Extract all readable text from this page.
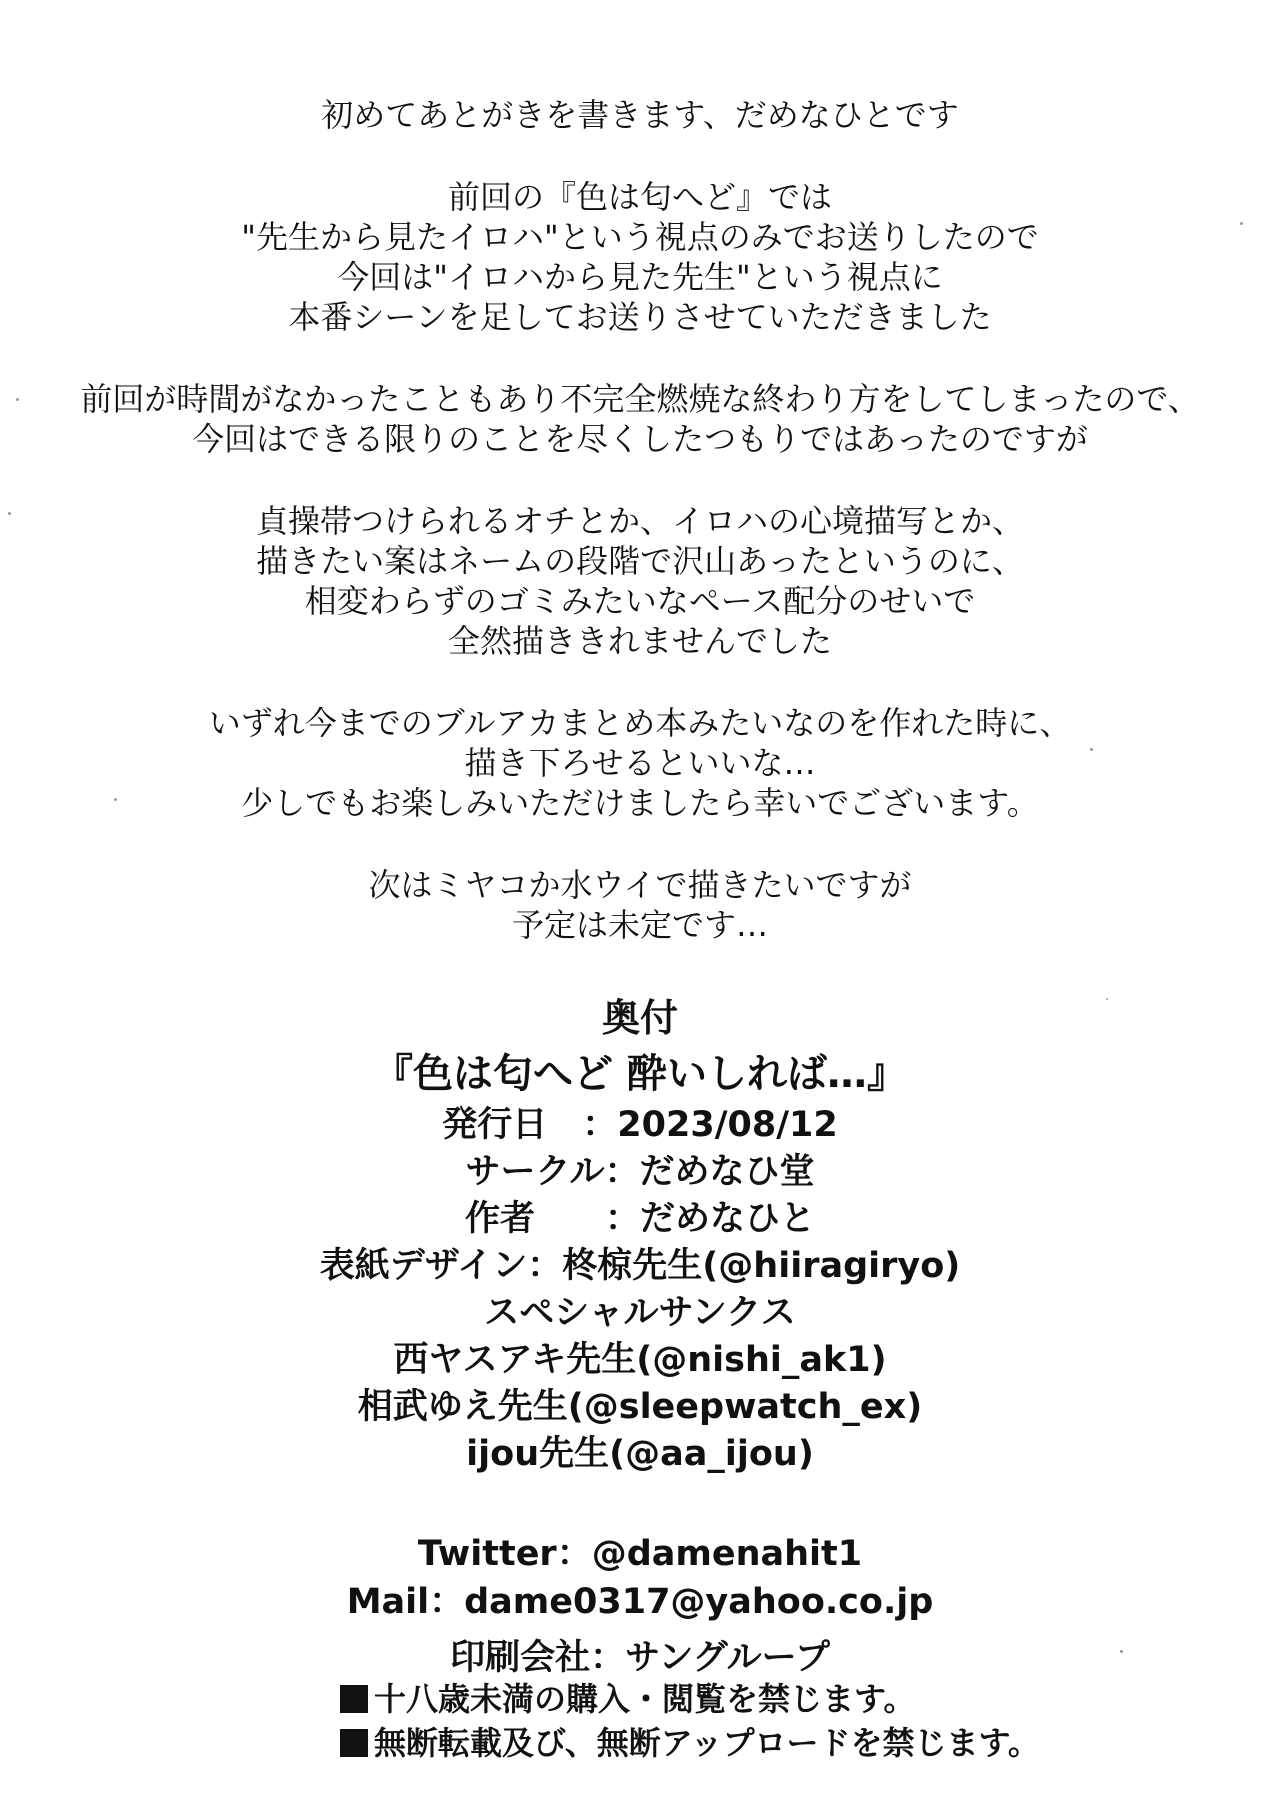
初めてあとがきを書きます、だめなひとです
前回の『色は匂へど』では
"先生から見たイロハ"という視点のみでお送りしたので
今回は"イロハから見た先生"という視点に
本番シーンを足してお送りさせていただきました
前回が時間がなかったこともあり不完全燃焼な終わり方をしてしまったので、
今回はできる限りのことを尽くしたつもりではあったのですが
貞操帯つけられるオチとか、イロハの心境描写とか、
描きたい案はネームの段階で沢山あったというのに、
相変わらずのゴミみたいなペース配分のせいで
全然描ききれませんでした
いずれ今までのブルアカまとめ本みたいなのを作れた時に、
描き下ろせるといいな…
少しでもお楽しみいただけましたら幸いでございます。
次はミヤコか水ウイで描きたいですが
予定は未定です…
奥付
『色は匂へど 酔いしれば…』
発行日　：2023/08/12
サークル：だめなひ堂
作者　　：だめなひと
表紙デザイン：柊椋先生(@hiiragiryo)
スペシャルサンクス
西ヤスアキ先生(@nishi_ak1)
相武ゆえ先生(@sleepwatch_ex)
ijou先生(@aa_ijou)
Twitter：@damenahit1
Mail：dame0317@yahoo.co.jp
印刷会社：サングループ
十八歳未満の購入・閲覧を禁じます。
無断転載及び、無断アップロードを禁じます。
